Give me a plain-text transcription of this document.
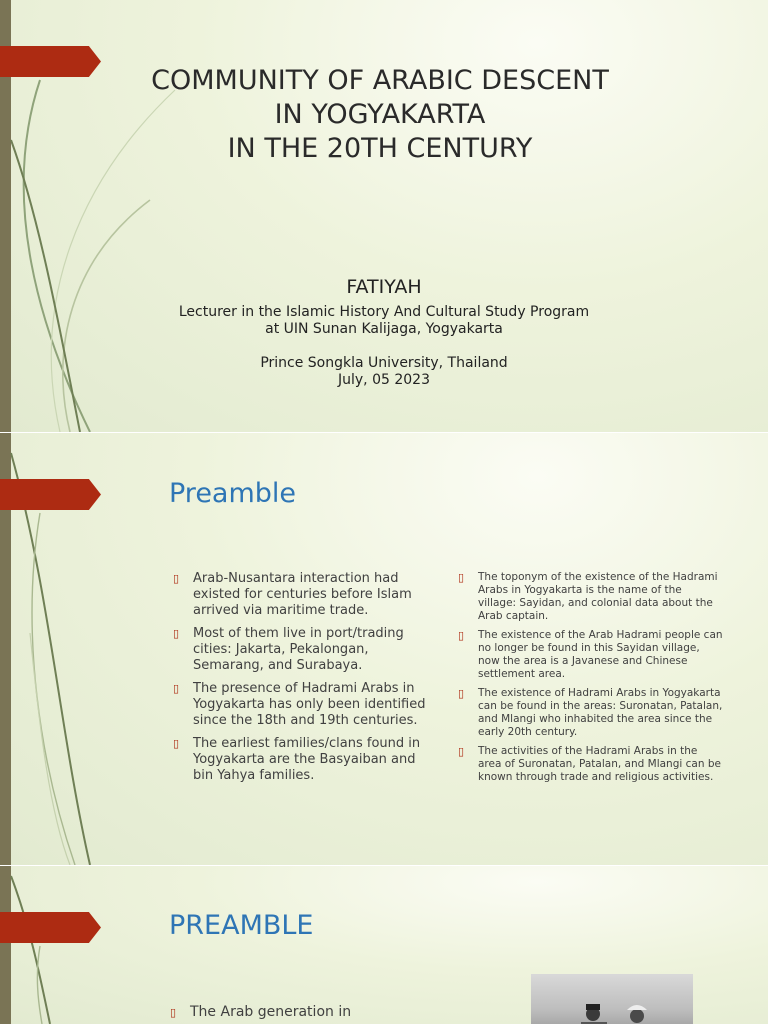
COMMUNITY OF ARABIC DESCENT
IN YOGYAKARTA
IN THE 20TH CENTURY
FATIYAH
Lecturer in the Islamic History And Cultural Study Program
at UIN Sunan Kalijaga, Yogyakarta
Prince Songkla University, Thailand
July, 05 2023
Preamble
▯ Arab-Nusantara interaction had existed for centuries before Islam arrived via maritime trade.
▯ Most of them live in port/trading cities: Jakarta, Pekalongan, Semarang, and Surabaya.
▯ The presence of Hadrami Arabs in Yogyakarta has only been identified since the 18th and 19th centuries.
▯ The earliest families/clans found in Yogyakarta are the Basyaiban and bin Yahya families.
▯ The toponym of the existence of the Hadrami Arabs in Yogyakarta is the name of the village: Sayidan, and colonial data about the Arab captain.
▯ The existence of the Arab Hadrami people can no longer be found in this Sayidan village, now the area is a Javanese and Chinese settlement area.
▯ The existence of Hadrami Arabs in Yogyakarta can be found in the areas: Suronatan, Patalan, and Mlangi who inhabited the area since the early 20th century.
▯ The activities of the Hadrami Arabs in the area of Suronatan, Patalan, and Mlangi can be known through trade and religious activities.
PREAMBLE
▯ The Arab generation in
